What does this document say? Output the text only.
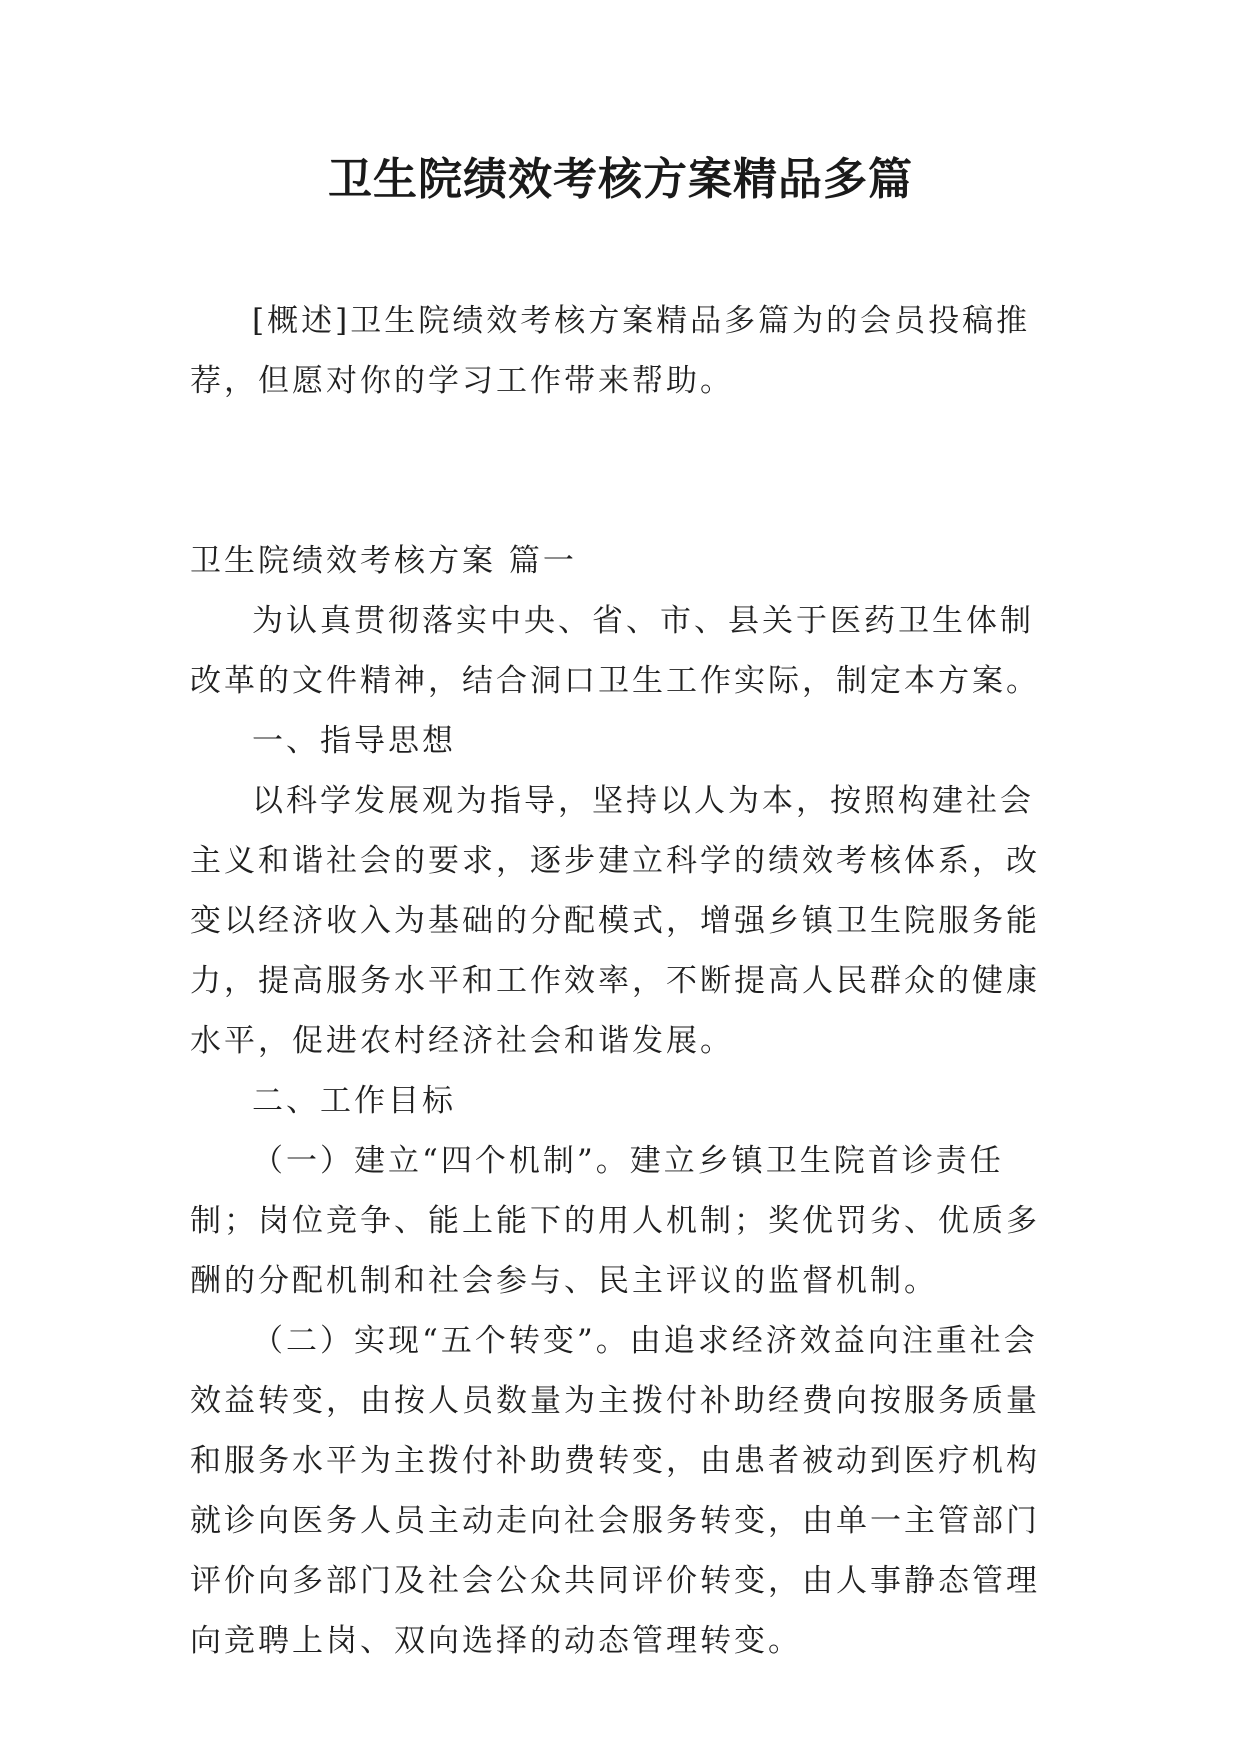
卫生院绩效考核方案精品多篇

[概述]卫生院绩效考核方案精品多篇为的会员投稿推荐，但愿对你的学习工作带来帮助。

卫生院绩效考核方案 篇一

为认真贯彻落实中央、省、市、县关于医药卫生体制改革的文件精神，结合洞口卫生工作实际，制定本方案。

一、指导思想

以科学发展观为指导，坚持以人为本，按照构建社会主义和谐社会的要求，逐步建立科学的绩效考核体系，改变以经济收入为基础的分配模式，增强乡镇卫生院服务能力，提高服务水平和工作效率，不断提高人民群众的健康水平，促进农村经济社会和谐发展。

二、工作目标

（一）建立“四个机制”。建立乡镇卫生院首诊责任制；岗位竞争、能上能下的用人机制；奖优罚劣、优质多酬的分配机制和社会参与、民主评议的监督机制。

（二）实现“五个转变”。由追求经济效益向注重社会效益转变，由按人员数量为主拨付补助经费向按服务质量和服务水平为主拨付补助费转变，由患者被动到医疗机构就诊向医务人员主动走向社会服务转变，由单一主管部门评价向多部门及社会公众共同评价转变，由人事静态管理向竞聘上岗、双向选择的动态管理转变。
